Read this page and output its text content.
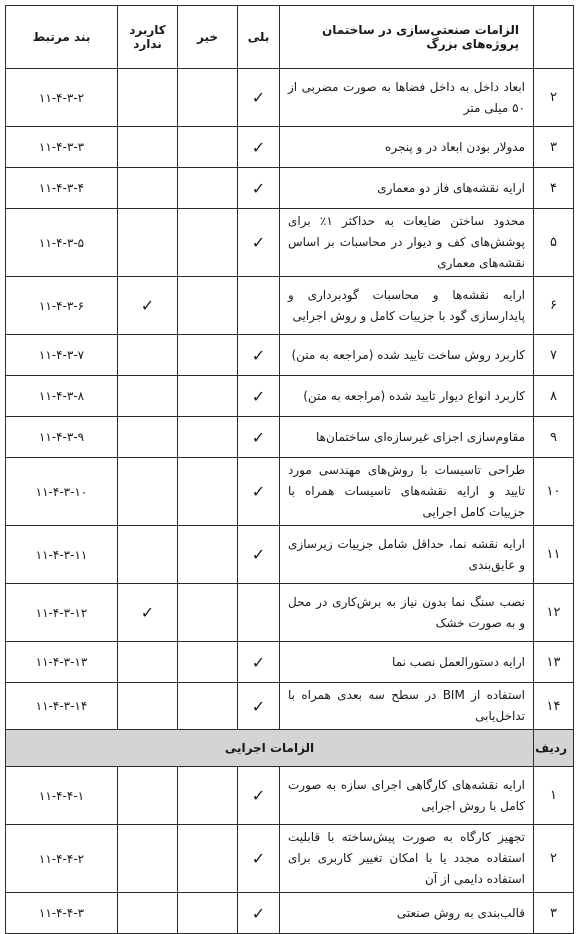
	الزامات صنعتی‌سازی در ساختمان پروژه‌های بزرگ	بلی	خیر	کاربرد ندارد	بند مرتبط
۲	ابعاد داخل به داخل فضاها به صورت مضربی از ۵۰ میلی متر	✓			۱۱-۴-۳-۲
۳	مدولار بودن ابعاد در و پنجره	✓			۱۱-۴-۳-۳
۴	ارایه نقشه‌های فاز دو معماری	✓			۱۱-۴-۳-۴
۵	محدود ساختن ضایعات به حداکثر ۱٪ برای پوشش‌های کف و دیوار در محاسبات بر اساس نقشه‌های معماری	✓			۱۱-۴-۳-۵
۶	ارایه نقشه‌ها و محاسبات گودبرداری و پایدارسازی گود با جزییات کامل و روش اجرایی			✓	۱۱-۴-۳-۶
۷	کاربرد روش ساخت تایید شده (مراجعه به متن)	✓			۱۱-۴-۳-۷
۸	کاربرد انواع دیوار تایید شده (مراجعه به متن)	✓			۱۱-۴-۳-۸
۹	مقاوم‌سازی اجزای غیرسازه‌ای ساختمان‌ها	✓			۱۱-۴-۳-۹
۱۰	طراحی تاسیسات با روش‌های مهندسی مورد تایید و ارایه نقشه‌های تاسیسات همراه با جزییات کامل اجرایی	✓			۱۱-۴-۳-۱۰
۱۱	ارایه نقشه نما، حداقل شامل جزییات زیرسازی و عایق‌بندی	✓			۱۱-۴-۳-۱۱
۱۲	نصب سنگ نما بدون نیاز به برش‌کاری در محل و به صورت خشک			✓	۱۱-۴-۳-۱۲
۱۳	ارایه دستورالعمل نصب نما	✓			۱۱-۴-۳-۱۳
۱۴	استفاده از BIM در سطح سه بعدی همراه با تداخل‌یابی	✓			۱۱-۴-۳-۱۴
ردیف	الزامات اجرایی				
۱	ارایه نقشه‌های کارگاهی اجرای سازه به صورت کامل با روش اجرایی	✓			۱۱-۴-۴-۱
۲	تجهیز کارگاه به صورت پیش‌ساخته با قابلیت استفاده مجدد یا با امکان تغییر کاربری برای استفاده دایمی از آن	✓			۱۱-۴-۴-۲
۳	قالب‌بندی به روش صنعتی	✓			۱۱-۴-۴-۳
